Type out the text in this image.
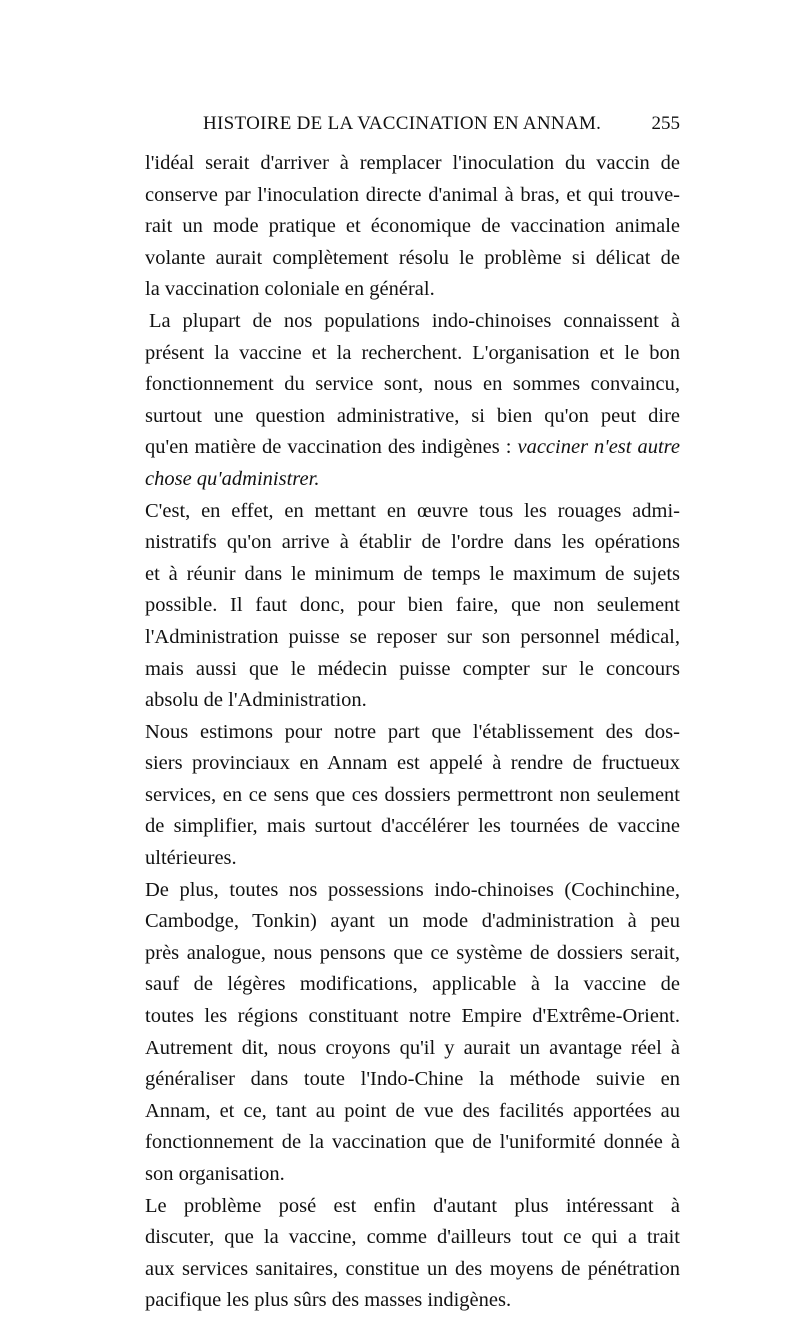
HISTOIRE DE LA VACCINATION EN ANNAM.	255
l'idéal serait d'arriver à remplacer l'inoculation du vaccin de
conserve par l'inoculation directe d'animal à bras, et qui trouve-
rait un mode pratique et économique de vaccination animale
volante aurait complètement résolu le problème si délicat de
la vaccination coloniale en général.
La plupart de nos populations indo-chinoises connaissent à
présent la vaccine et la recherchent. L'organisation et le bon
fonctionnement du service sont, nous en sommes convaincu,
surtout une question administrative, si bien qu'on peut dire
qu'en matière de vaccination des indigènes : vacciner n'est autre
chose qu'administrer.
C'est, en effet, en mettant en œuvre tous les rouages admi-
nistratifs qu'on arrive à établir de l'ordre dans les opérations
et à réunir dans le minimum de temps le maximum de sujets
possible. Il faut donc, pour bien faire, que non seulement
l'Administration puisse se reposer sur son personnel médical,
mais aussi que le médecin puisse compter sur le concours
absolu de l'Administration.
Nous estimons pour notre part que l'établissement des dos-
siers provinciaux en Annam est appelé à rendre de fructueux
services, en ce sens que ces dossiers permettront non seulement
de simplifier, mais surtout d'accélérer les tournées de vaccine
ultérieures.
De plus, toutes nos possessions indo-chinoises (Cochinchine,
Cambodge, Tonkin) ayant un mode d'administration à peu
près analogue, nous pensons que ce système de dossiers serait,
sauf de légères modifications, applicable à la vaccine de
toutes les régions constituant notre Empire d'Extrême-Orient.
Autrement dit, nous croyons qu'il y aurait un avantage réel à
généraliser dans toute l'Indo-Chine la méthode suivie en
Annam, et ce, tant au point de vue des facilités apportées au
fonctionnement de la vaccination que de l'uniformité donnée à
son organisation.
Le problème posé est enfin d'autant plus intéressant à
discuter, que la vaccine, comme d'ailleurs tout ce qui a trait
aux services sanitaires, constitue un des moyens de pénétration
pacifique les plus sûrs des masses indigènes.
